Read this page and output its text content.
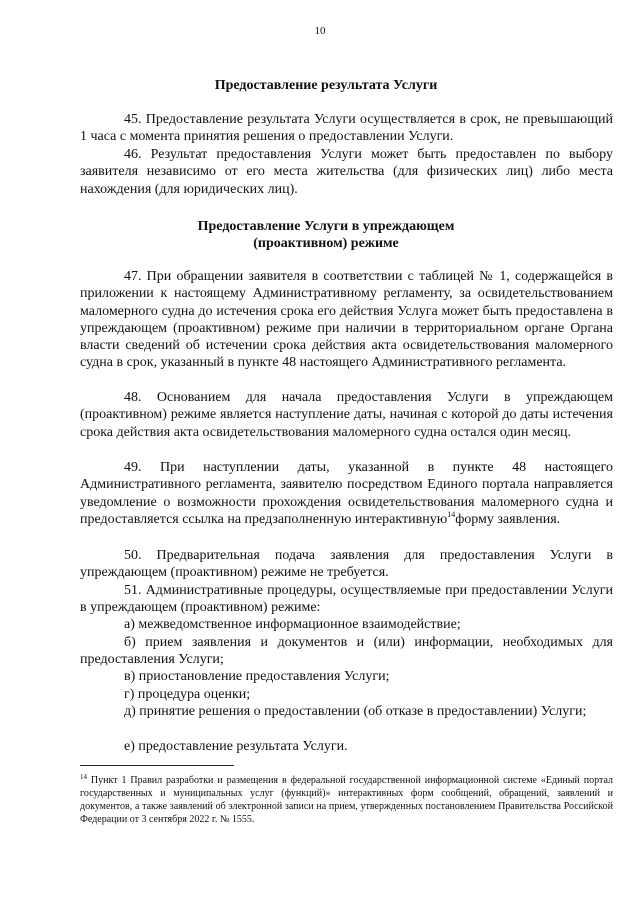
10
Предоставление результата Услуги

45. Предоставление результата Услуги осуществляется в срок, не превышающий 1 часа с момента принятия решения о предоставлении Услуги.

46. Результат предоставления Услуги может быть предоставлен по выбору заявителя независимо от его места жительства (для физических лиц) либо места нахождения (для юридических лиц).

Предоставление Услуги в упреждающем
(проактивном) режиме

47. При обращении заявителя в соответствии с таблицей № 1, содержащейся в приложении к настоящему Административному регламенту, за освидетельствованием маломерного судна до истечения срока его действия Услуга может быть предоставлена в упреждающем (проактивном) режиме при наличии в территориальном органе Органа власти сведений об истечении срока действия акта освидетельствования маломерного судна в срок, указанный в пункте 48 настоящего Административного регламента.

48. Основанием для начала предоставления Услуги в упреждающем (проактивном) режиме является наступление даты, начиная с которой до даты истечения срока действия акта освидетельствования маломерного судна остался один месяц.

49. При наступлении даты, указанной в пункте 48 настоящего Административного регламента, заявителю посредством Единого портала направляется уведомление о возможности прохождения освидетельствования маломерного судна и предоставляется ссылка на предзаполненную интерактивную$^{14}$форму заявления.

50. Предварительная подача заявления для предоставления Услуги в упреждающем (проактивном) режиме не требуется.

51. Административные процедуры, осуществляемые при предоставлении Услуги в упреждающем (проактивном) режиме:

а) межведомственное информационное взаимодействие;

б) прием заявления и документов и (или) информации, необходимых для предоставления Услуги;

в) приостановление предоставления Услуги;

г) процедура оценки;

д) принятие решения о предоставлении (об отказе в предоставлении) Услуги;

е) предоставление результата Услуги.

$^{14}$ Пункт 1 Правил разработки и размещения в федеральной государственной информационной системе «Единый портал государственных и муниципальных услуг (функций)» интерактивных форм сообщений, обращений, заявлений и документов, а также заявлений об электронной записи на прием, утвержденных постановлением Правительства Российской Федерации от 3 сентября 2022 г. № 1555.
